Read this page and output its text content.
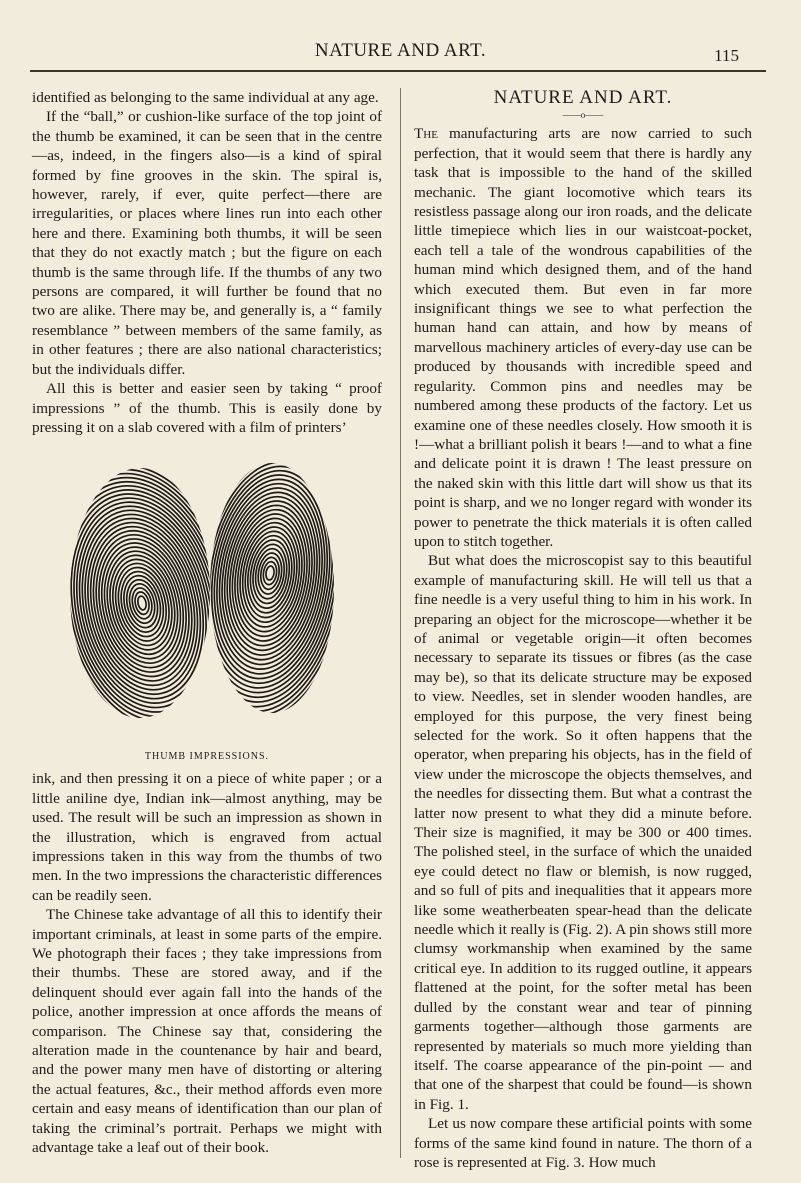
NATURE AND ART.	115

identified as belonging to the same individual at any age.

If the “ball,” or cushion-like surface of the top joint of the thumb be examined, it can be seen that in the centre—as, indeed, in the fingers also—is a kind of spiral formed by fine grooves in the skin. The spiral is, however, rarely, if ever, quite perfect—there are irregularities, or places where lines run into each other here and there. Examining both thumbs, it will be seen that they do not exactly match ; but the figure on each thumb is the same through life. If the thumbs of any two persons are compared, it will further be found that no two are alike. There may be, and generally is, a “ family resemblance ” between members of the same family, as in other features ; there are also national characteristics; but the individuals differ.

All this is better and easier seen by taking “ proof impressions ” of the thumb. This is easily done by pressing it on a slab covered with a film of printers’

THUMB IMPRESSIONS.

ink, and then pressing it on a piece of white paper ; or a little aniline dye, Indian ink—almost anything, may be used. The result will be such an impression as shown in the illustration, which is engraved from actual impressions taken in this way from the thumbs of two men. In the two impressions the characteristic differences can be readily seen.

The Chinese take advantage of all this to identify their important criminals, at least in some parts of the empire. We photograph their faces ; they take impressions from their thumbs. These are stored away, and if the delinquent should ever again fall into the hands of the police, another impression at once affords the means of comparison. The Chinese say that, considering the alteration made in the countenance by hair and beard, and the power many men have of distorting or altering the actual features, &c., their method affords even more certain and easy means of identification than our plan of taking the criminal’s portrait. Perhaps we might with advantage take a leaf out of their book.

NATURE AND ART.
——o——

The manufacturing arts are now carried to such perfection, that it would seem that there is hardly any task that is impossible to the hand of the skilled mechanic. The giant locomotive which tears its resistless passage along our iron roads, and the delicate little timepiece which lies in our waistcoat-pocket, each tell a tale of the wondrous capabilities of the human mind which designed them, and of the hand which executed them. But even in far more insignificant things we see to what perfection the human hand can attain, and how by means of marvellous machinery articles of every-day use can be produced by thousands with incredible speed and regularity. Common pins and needles may be numbered among these products of the factory. Let us examine one of these needles closely. How smooth it is !—what a brilliant polish it bears !—and to what a fine and delicate point it is drawn ! The least pressure on the naked skin with this little dart will show us that its point is sharp, and we no longer regard with wonder its power to penetrate the thick materials it is often called upon to stitch together.

But what does the microscopist say to this beautiful example of manufacturing skill. He will tell us that a fine needle is a very useful thing to him in his work. In preparing an object for the microscope—whether it be of animal or vegetable origin—it often becomes necessary to separate its tissues or fibres (as the case may be), so that its delicate structure may be exposed to view. Needles, set in slender wooden handles, are employed for this purpose, the very finest being selected for the work. So it often happens that the operator, when preparing his objects, has in the field of view under the microscope the objects themselves, and the needles for dissecting them. But what a contrast the latter now present to what they did a minute before. Their size is magnified, it may be 300 or 400 times. The polished steel, in the surface of which the unaided eye could detect no flaw or blemish, is now rugged, and so full of pits and inequalities that it appears more like some weatherbeaten spear-head than the delicate needle which it really is (Fig. 2). A pin shows still more clumsy workmanship when examined by the same critical eye. In addition to its rugged outline, it appears flattened at the point, for the softer metal has been dulled by the constant wear and tear of pinning garments together—although those garments are represented by materials so much more yielding than itself. The coarse appearance of the pin-point — and that one of the sharpest that could be found—is shown in Fig. 1.

Let us now compare these artificial points with some forms of the same kind found in nature. The thorn of a rose is represented at Fig. 3. How much
